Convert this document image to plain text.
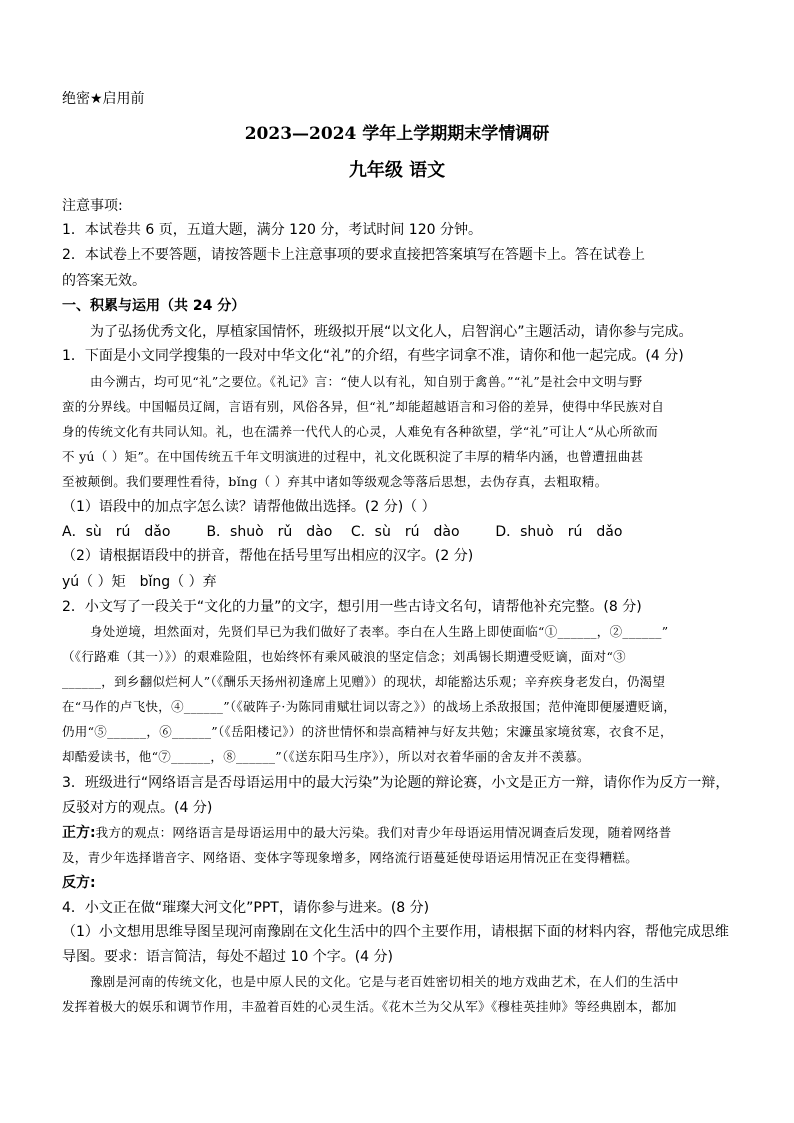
绝密★启用前
2023—2024 学年上学期期末学情调研
九年级 语文
注意事项:
1．本试卷共 6 页，五道大题，满分 120 分，考试时间 120 分钟。
2．本试卷上不要答题，请按答题卡上注意事项的要求直接把答案填写在答题卡上。答在试卷上
的答案无效。
一、积累与运用（共 24 分）
为了弘扬优秀文化，厚植家国情怀，班级拟开展“以文化人，启智润心”主题活动，请你参与完成。
1．下面是小文同学搜集的一段对中华文化“礼”的介绍，有些字词拿不准，请你和他一起完成。(4 分)
由今溯古，均可见“礼”之要位。《礼记》言：“使人以有礼，知自别于禽兽。”“礼”是社会中文明与野
蛮的分界线。中国幅员辽阔，言语有别，风俗各异，但“礼”却能超越语言和习俗的差异，使得中华民族对自
身的传统文化有共同认知。礼，也在濡养一代代人的心灵，人难免有各种欲望，学“礼”可让人“从心所欲而
不 yú（ ）矩”。在中国传统五千年文明演进的过程中，礼文化既积淀了丰厚的精华内涵，也曾遭扭曲甚
至被颠倒。我们要理性看待，bǐng（ ）弃其中诸如等级观念等落后思想，去伪存真，去粗取精。
（1）语段中的加点字怎么读？请帮他做出选择。(2 分)（ ）
A．sù　rú　dǎo	B．shuò　rǔ　dào C．sù　rú　dào	D．shuò　rú　dǎo
（2）请根据语段中的拼音，帮他在括号里写出相应的汉字。(2 分)
yú（ ）矩　bǐng（ ）弃
2．小文写了一段关于“文化的力量”的文字，想引用一些古诗文名句，请帮他补充完整。(8 分)
身处逆境，坦然面对，先贤们早已为我们做好了表率。李白在人生路上即使面临“①______，②______”
（《行路难（其一）》）的艰难险阻，也始终怀有乘风破浪的坚定信念；刘禹锡长期遭受贬谪，面对“③
______，到乡翻似烂柯人”（《酬乐天扬州初逢席上见赠》）的现状，却能豁达乐观；辛弃疾身老发白，仍渴望
在“马作的卢飞快，④______”（《破阵子·为陈同甫赋壮词以寄之》）的战场上杀敌报国；范仲淹即便屡遭贬谪，
仍用“⑤______，⑥______”（《岳阳楼记》）的济世情怀和崇高精神与好友共勉；宋濂虽家境贫寒，衣食不足，
却酷爱读书，他“⑦______，⑧______”（《送东阳马生序》），所以对衣着华丽的舍友并不羡慕。
3．班级进行“网络语言是否母语运用中的最大污染”为论题的辩论赛，小文是正方一辩，请你作为反方一辩，
反驳对方的观点。(4 分)
正方:我方的观点：网络语言是母语运用中的最大污染。我们对青少年母语运用情况调查后发现，随着网络普
及，青少年选择谐音字、网络语、变体字等现象增多，网络流行语蔓延使母语运用情况正在变得糟糕。
反方:
4．小文正在做“璀璨大河文化”PPT，请你参与进来。(8 分)
（1）小文想用思维导图呈现河南豫剧在文化生活中的四个主要作用，请根据下面的材料内容，帮他完成思维
导图。要求：语言简洁，每处不超过 10 个字。(4 分)
豫剧是河南的传统文化，也是中原人民的文化。它是与老百姓密切相关的地方戏曲艺术，在人们的生活中
发挥着极大的娱乐和调节作用，丰盈着百姓的心灵生活。《花木兰为父从军》《穆桂英挂帅》等经典剧本，都加
